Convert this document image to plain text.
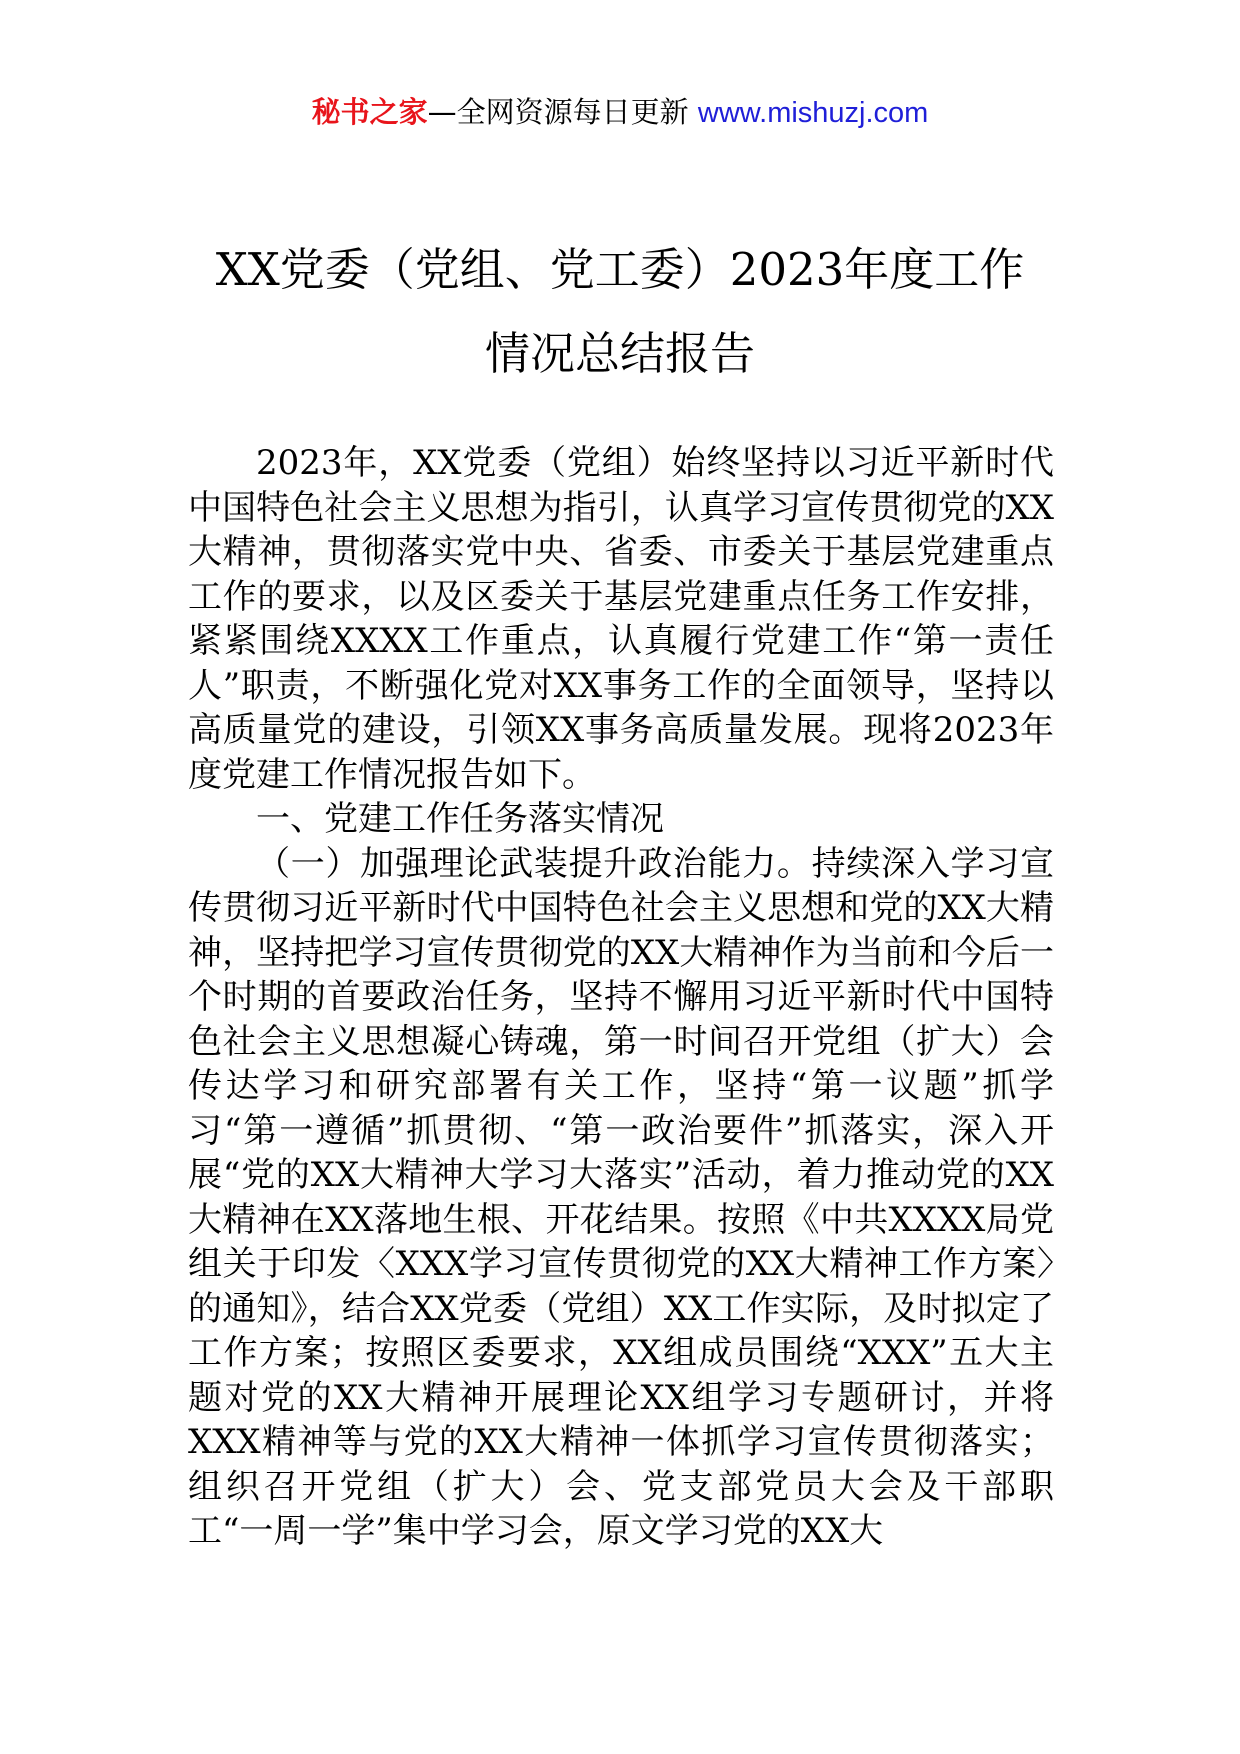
秘书之家—全网资源每日更新 www.mishuzj.com
XX党委（党组、党工委）2023年度工作
情况总结报告

2023年，XX党委（党组）始终坚持以习近平新时代中国特色社会主义思想为指引，认真学习宣传贯彻党的XX大精神，贯彻落实党中央、省委、市委关于基层党建重点工作的要求，以及区委关于基层党建重点任务工作安排，紧紧围绕XXXX工作重点，认真履行党建工作“第一责任人”职责，不断强化党对XX事务工作的全面领导，坚持以高质量党的建设，引领XX事务高质量发展。现将2023年度党建工作情况报告如下。

一、党建工作任务落实情况

（一）加强理论武装提升政治能力。持续深入学习宣传贯彻习近平新时代中国特色社会主义思想和党的XX大精神，坚持把学习宣传贯彻党的XX大精神作为当前和今后一个时期的首要政治任务，坚持不懈用习近平新时代中国特色社会主义思想凝心铸魂，第一时间召开党组（扩大）会传达学习和研究部署有关工作，坚持“第一议题”抓学习“第一遵循”抓贯彻、“第一政治要件”抓落实，深入开展“党的XX大精神大学习大落实”活动，着力推动党的XX大精神在XX落地生根、开花结果。按照《中共XXXX局党组关于印发〈XXX学习宣传贯彻党的XX大精神工作方案〉的通知》，结合XX党委（党组）XX工作实际，及时拟定了工作方案；按照区委要求，XX组成员围绕“XXX”五大主题对党的XX大精神开展理论XX组学习专题研讨，并将XXX精神等与党的XX大精神一体抓学习宣传贯彻落实；组织召开党组（扩大）会、党支部党员大会及干部职工“一周一学”集中学习会，原文学习党的XX大
